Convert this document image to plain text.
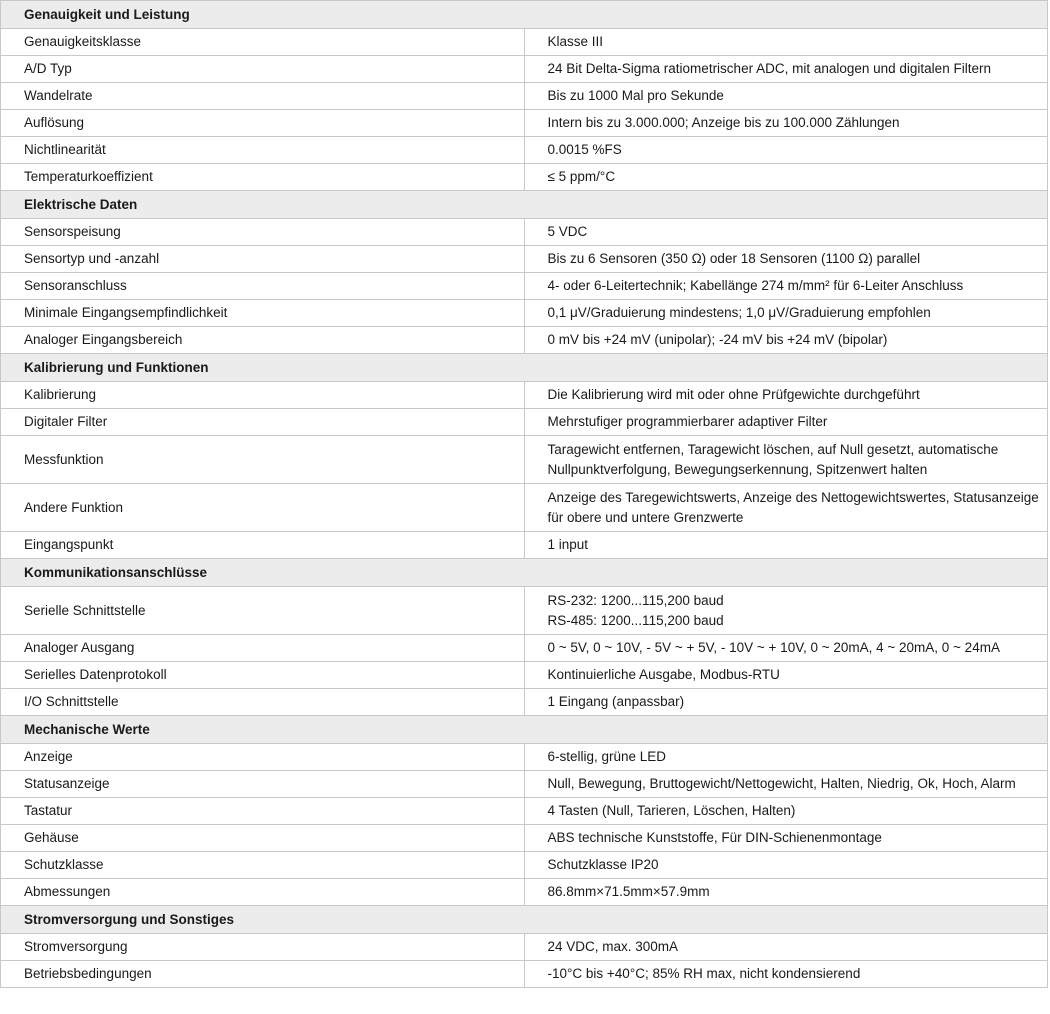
Genauigkeit und Leistung	
Genauigkeitsklasse	Klasse III
A/D Typ	24 Bit Delta-Sigma ratiometrischer ADC, mit analogen und digitalen Filtern
Wandelrate	Bis zu 1000 Mal pro Sekunde
Auflösung	Intern bis zu 3.000.000; Anzeige bis zu 100.000 Zählungen
Nichtlinearität	0.0015 %FS
Temperaturkoeffizient	≤ 5 ppm/°C
Elektrische Daten	
Sensorspeisung	5 VDC
Sensortyp und -anzahl	Bis zu 6 Sensoren (350 Ω) oder 18 Sensoren (1100 Ω) parallel
Sensoranschluss	4- oder 6-Leitertechnik; Kabellänge 274 m/mm² für 6-Leiter Anschluss
Minimale Eingangsempfindlichkeit	0,1 μV/Graduierung mindestens; 1,0 μV/Graduierung empfohlen
Analoger Eingangsbereich	0 mV bis +24 mV (unipolar); -24 mV bis +24 mV (bipolar)
Kalibrierung und Funktionen	
Kalibrierung	Die Kalibrierung wird mit oder ohne Prüfgewichte durchgeführt
Digitaler Filter	Mehrstufiger programmierbarer adaptiver Filter
Messfunktion	Taragewicht entfernen, Taragewicht löschen, auf Null gesetzt, automatische Nullpunktverfolgung, Bewegungserkennung, Spitzenwert halten
Andere Funktion	Anzeige des Taregewichtswerts, Anzeige des Nettogewichtswertes, Statusanzeige für obere und untere Grenzwerte
Eingangspunkt	1 input
Kommunikationsanschlüsse	
Serielle Schnittstelle	RS-232: 1200...115,200 baud
RS-485: 1200...115,200 baud

Analoger Ausgang	0 ~ 5V, 0 ~ 10V, - 5V ~ + 5V, - 10V ~ + 10V, 0 ~ 20mA, 4 ~ 20mA, 0 ~ 24mA
Serielles Datenprotokoll	Kontinuierliche Ausgabe, Modbus-RTU
I/O Schnittstelle	1 Eingang (anpassbar)
Mechanische Werte	
Anzeige	6-stellig, grüne LED
Statusanzeige	Null, Bewegung, Bruttogewicht/Nettogewicht, Halten, Niedrig, Ok, Hoch, Alarm
Tastatur	4 Tasten (Null, Tarieren, Löschen, Halten)
Gehäuse	ABS technische Kunststoffe, Für DIN-Schienenmontage
Schutzklasse	Schutzklasse IP20
Abmessungen	86.8mm×71.5mm×57.9mm
Stromversorgung und Sonstiges	
Stromversorgung	24 VDC, max. 300mA
Betriebsbedingungen	-10°C bis +40°C; 85% RH max, nicht kondensierend
